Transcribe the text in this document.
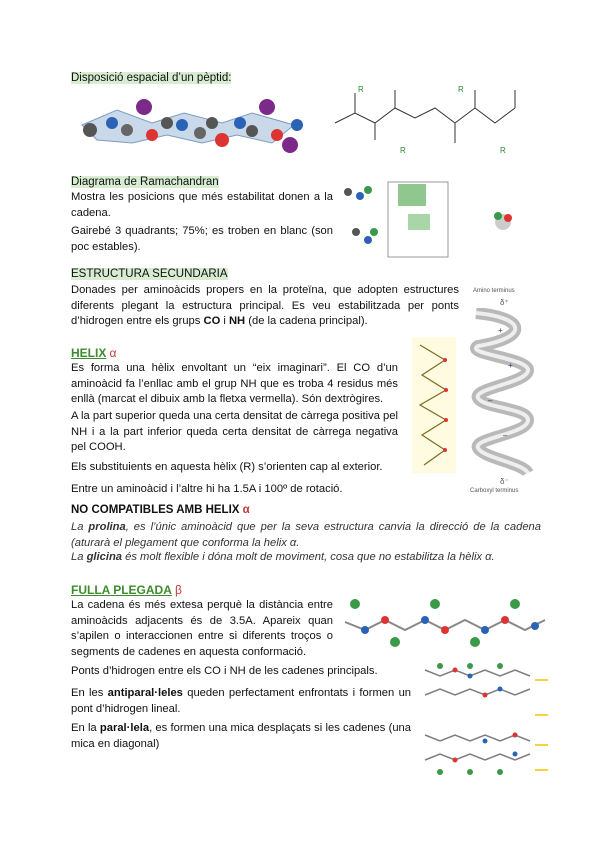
Disposició espacial d’un pèptid:
R
R
R
R
Diagrama de Ramachandran
Mostra les posicions que més estabilitat donen a la cadena.
Gairebé 3 quadrants; 75%; es troben en blanc (son poc estables).
ESTRUCTURA SECUNDARIA
Donades per aminoàcids propers en la proteïna, que adopten estructures diferents plegant la estructura principal. Es veu estabilitzada per ponts d’hidrogen entre els grups CO i NH (de la cadena principal).
HELIX α
Es forma una hèlix envoltant un “eix imaginari”. El CO d’un aminoàcid fa l’enllac amb el grup NH que es troba 4 residus més enllà (marcat el dibuix amb la fletxa vermella). Són dextrògires.
A la part superior queda una certa densitat de càrrega positiva pel NH i a la part inferior queda certa densitat de càrrega negativa pel COOH.
Els substituients en aquesta hèlix (R) s’orienten cap al exterior.
Entre un aminoàcid i l’altre hi ha 1.5A i 100º de rotació.
Amino terminus
δ⁺
+
+
–
–
δ⁻
Carboxyl terminus
NO COMPATIBLES AMB HELIX α
La prolina, es l’únic aminoàcid que per la seva estructura canvia la direcció de la cadena (aturarà el plegament que conforma la helix α.
La glicina és molt flexible i dóna molt de moviment, cosa que no estabilitza la hèlix α.
FULLA PLEGADA β
La cadena és més extesa perquè la distància entre aminoàcids adjacents és de 3.5A. Apareix quan s’apilen o interaccionen entre si diferents troços o segments de cadenes en aquesta conformació.
Ponts d’hidrogen entre els CO i NH de les cadenes principals.
En les antiparal·leles queden perfectament enfrontats i formen un pont d’hidrogen lineal.
En la paral·lela, es formen una mica desplaçats si les cadenes (una mica en diagonal)
